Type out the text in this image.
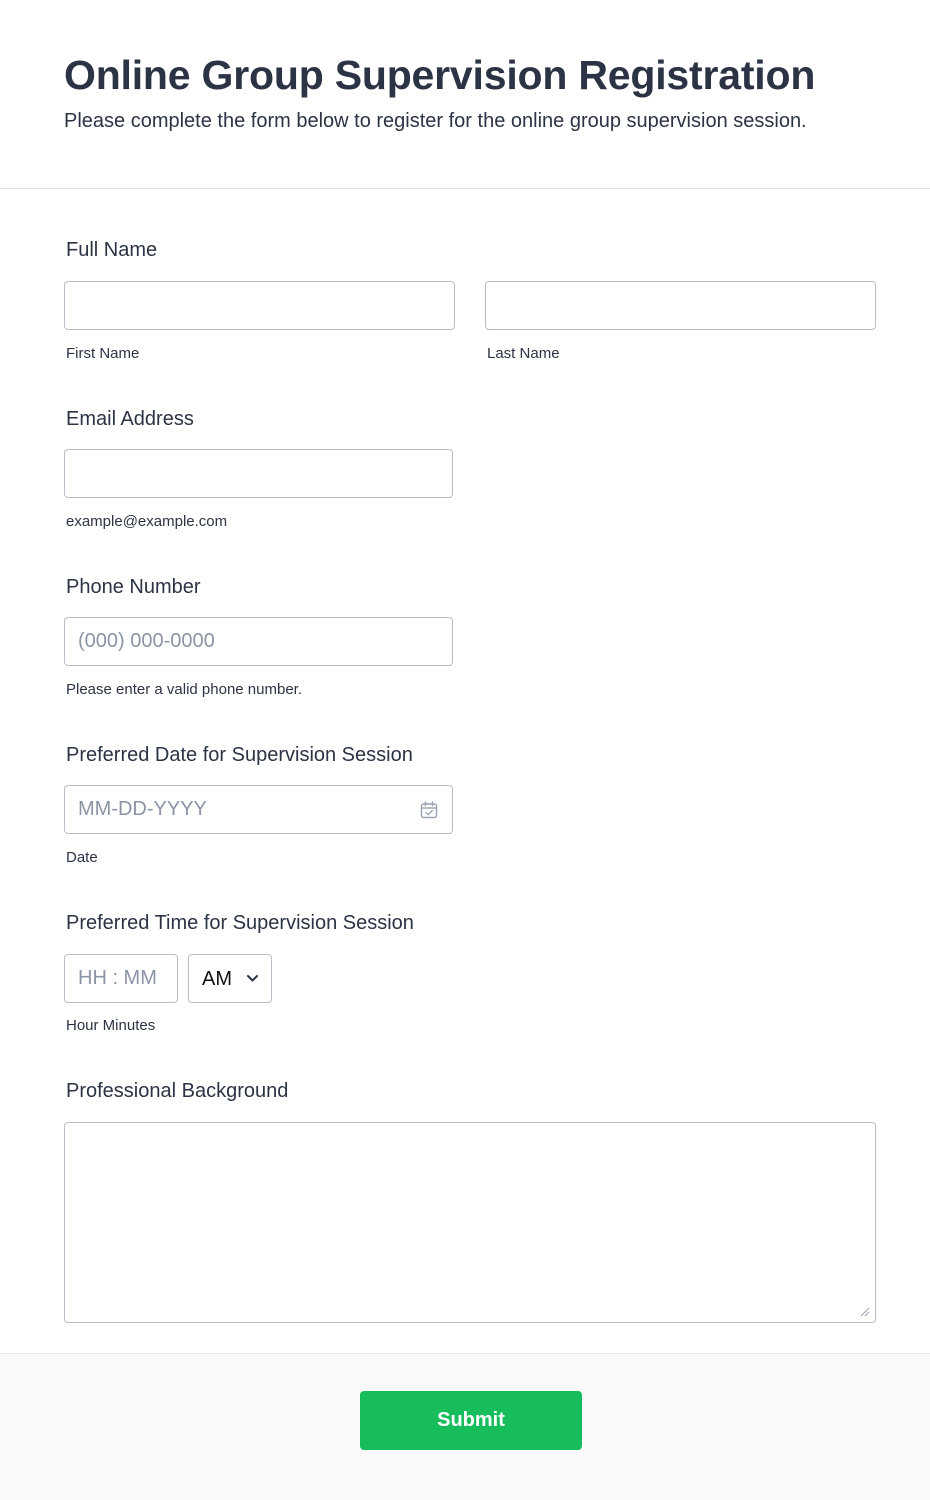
Online Group Supervision Registration

Please complete the form below to register for the online group supervision session.

Full Name
First Name	Last Name
Email Address
example@example.com
Phone Number
(000) 000-0000
Please enter a valid phone number.
Preferred Date for Supervision Session
MM-DD-YYYY
Date
Preferred Time for Supervision Session
HH : MM
AM
Hour Minutes
Professional Background
Submit
